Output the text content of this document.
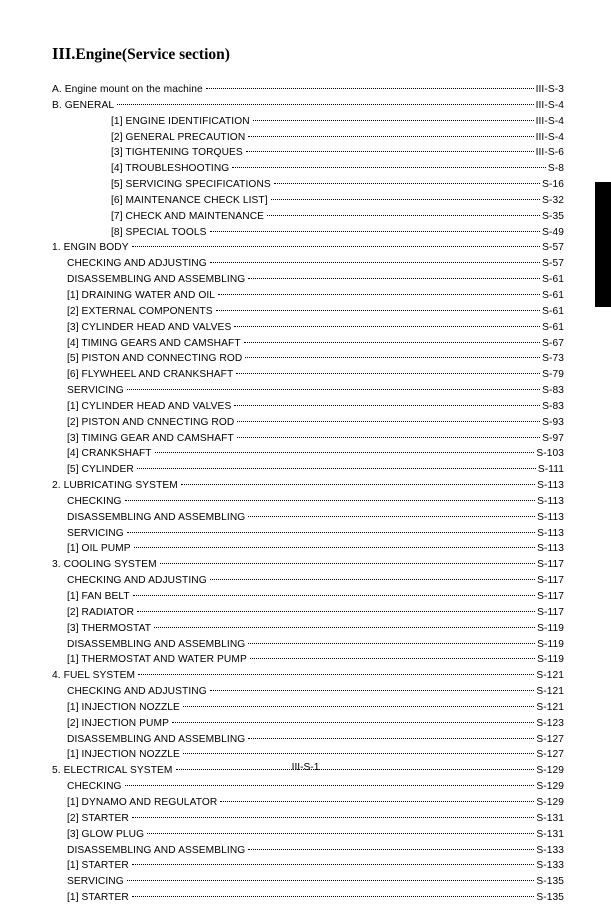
III.Engine(Service section)
A. Engine mount on the machine	III-S-3
B. GENERAL	III-S-4
[1] ENGINE IDENTIFICATION	III-S-4
[2] GENERAL PRECAUTION	III-S-4
[3] TIGHTENING TORQUES	III-S-6
[4] TROUBLESHOOTING	S-8
[5] SERVICING SPECIFICATIONS	S-16
[6] MAINTENANCE CHECK LIST]	S-32
[7] CHECK AND MAINTENANCE	S-35
[8] SPECIAL TOOLS	S-49
1. ENGIN BODY	S-57
CHECKING AND ADJUSTING	S-57
DISASSEMBLING AND ASSEMBLING	S-61
[1] DRAINING WATER AND OIL	S-61
[2] EXTERNAL COMPONENTS	S-61
[3] CYLINDER HEAD AND VALVES	S-61
[4] TIMING GEARS AND CAMSHAFT	S-67
[5] PISTON AND CONNECTING ROD	S-73
[6] FLYWHEEL AND CRANKSHAFT	S-79
SERVICING	S-83
[1] CYLINDER HEAD AND VALVES	S-83
[2] PISTON AND CNNECTING ROD	S-93
[3] TIMING GEAR AND CAMSHAFT	S-97
[4] CRANKSHAFT	S-103
[5] CYLINDER	S-111
2. LUBRICATING SYSTEM	S-113
CHECKING	S-113
DISASSEMBLING AND ASSEMBLING	S-113
SERVICING	S-113
[1] OIL PUMP	S-113
3. COOLING SYSTEM	S-117
CHECKING AND ADJUSTING	S-117
[1] FAN BELT	S-117
[2] RADIATOR	S-117
[3] THERMOSTAT	S-119
DISASSEMBLING AND ASSEMBLING	S-119
[1] THERMOSTAT AND WATER PUMP	S-119
4. FUEL SYSTEM	S-121
CHECKING AND ADJUSTING	S-121
[1] INJECTION NOZZLE	S-121
[2] INJECTION PUMP	S-123
DISASSEMBLING AND ASSEMBLING	S-127
[1] INJECTION NOZZLE	S-127
5. ELECTRICAL SYSTEM	S-129
CHECKING	S-129
[1] DYNAMO AND REGULATOR	S-129
[2] STARTER	S-131
[3] GLOW PLUG	S-131
DISASSEMBLING AND ASSEMBLING	S-133
[1] STARTER	S-133
SERVICING	S-135
[1] STARTER	S-135
III-S-1
